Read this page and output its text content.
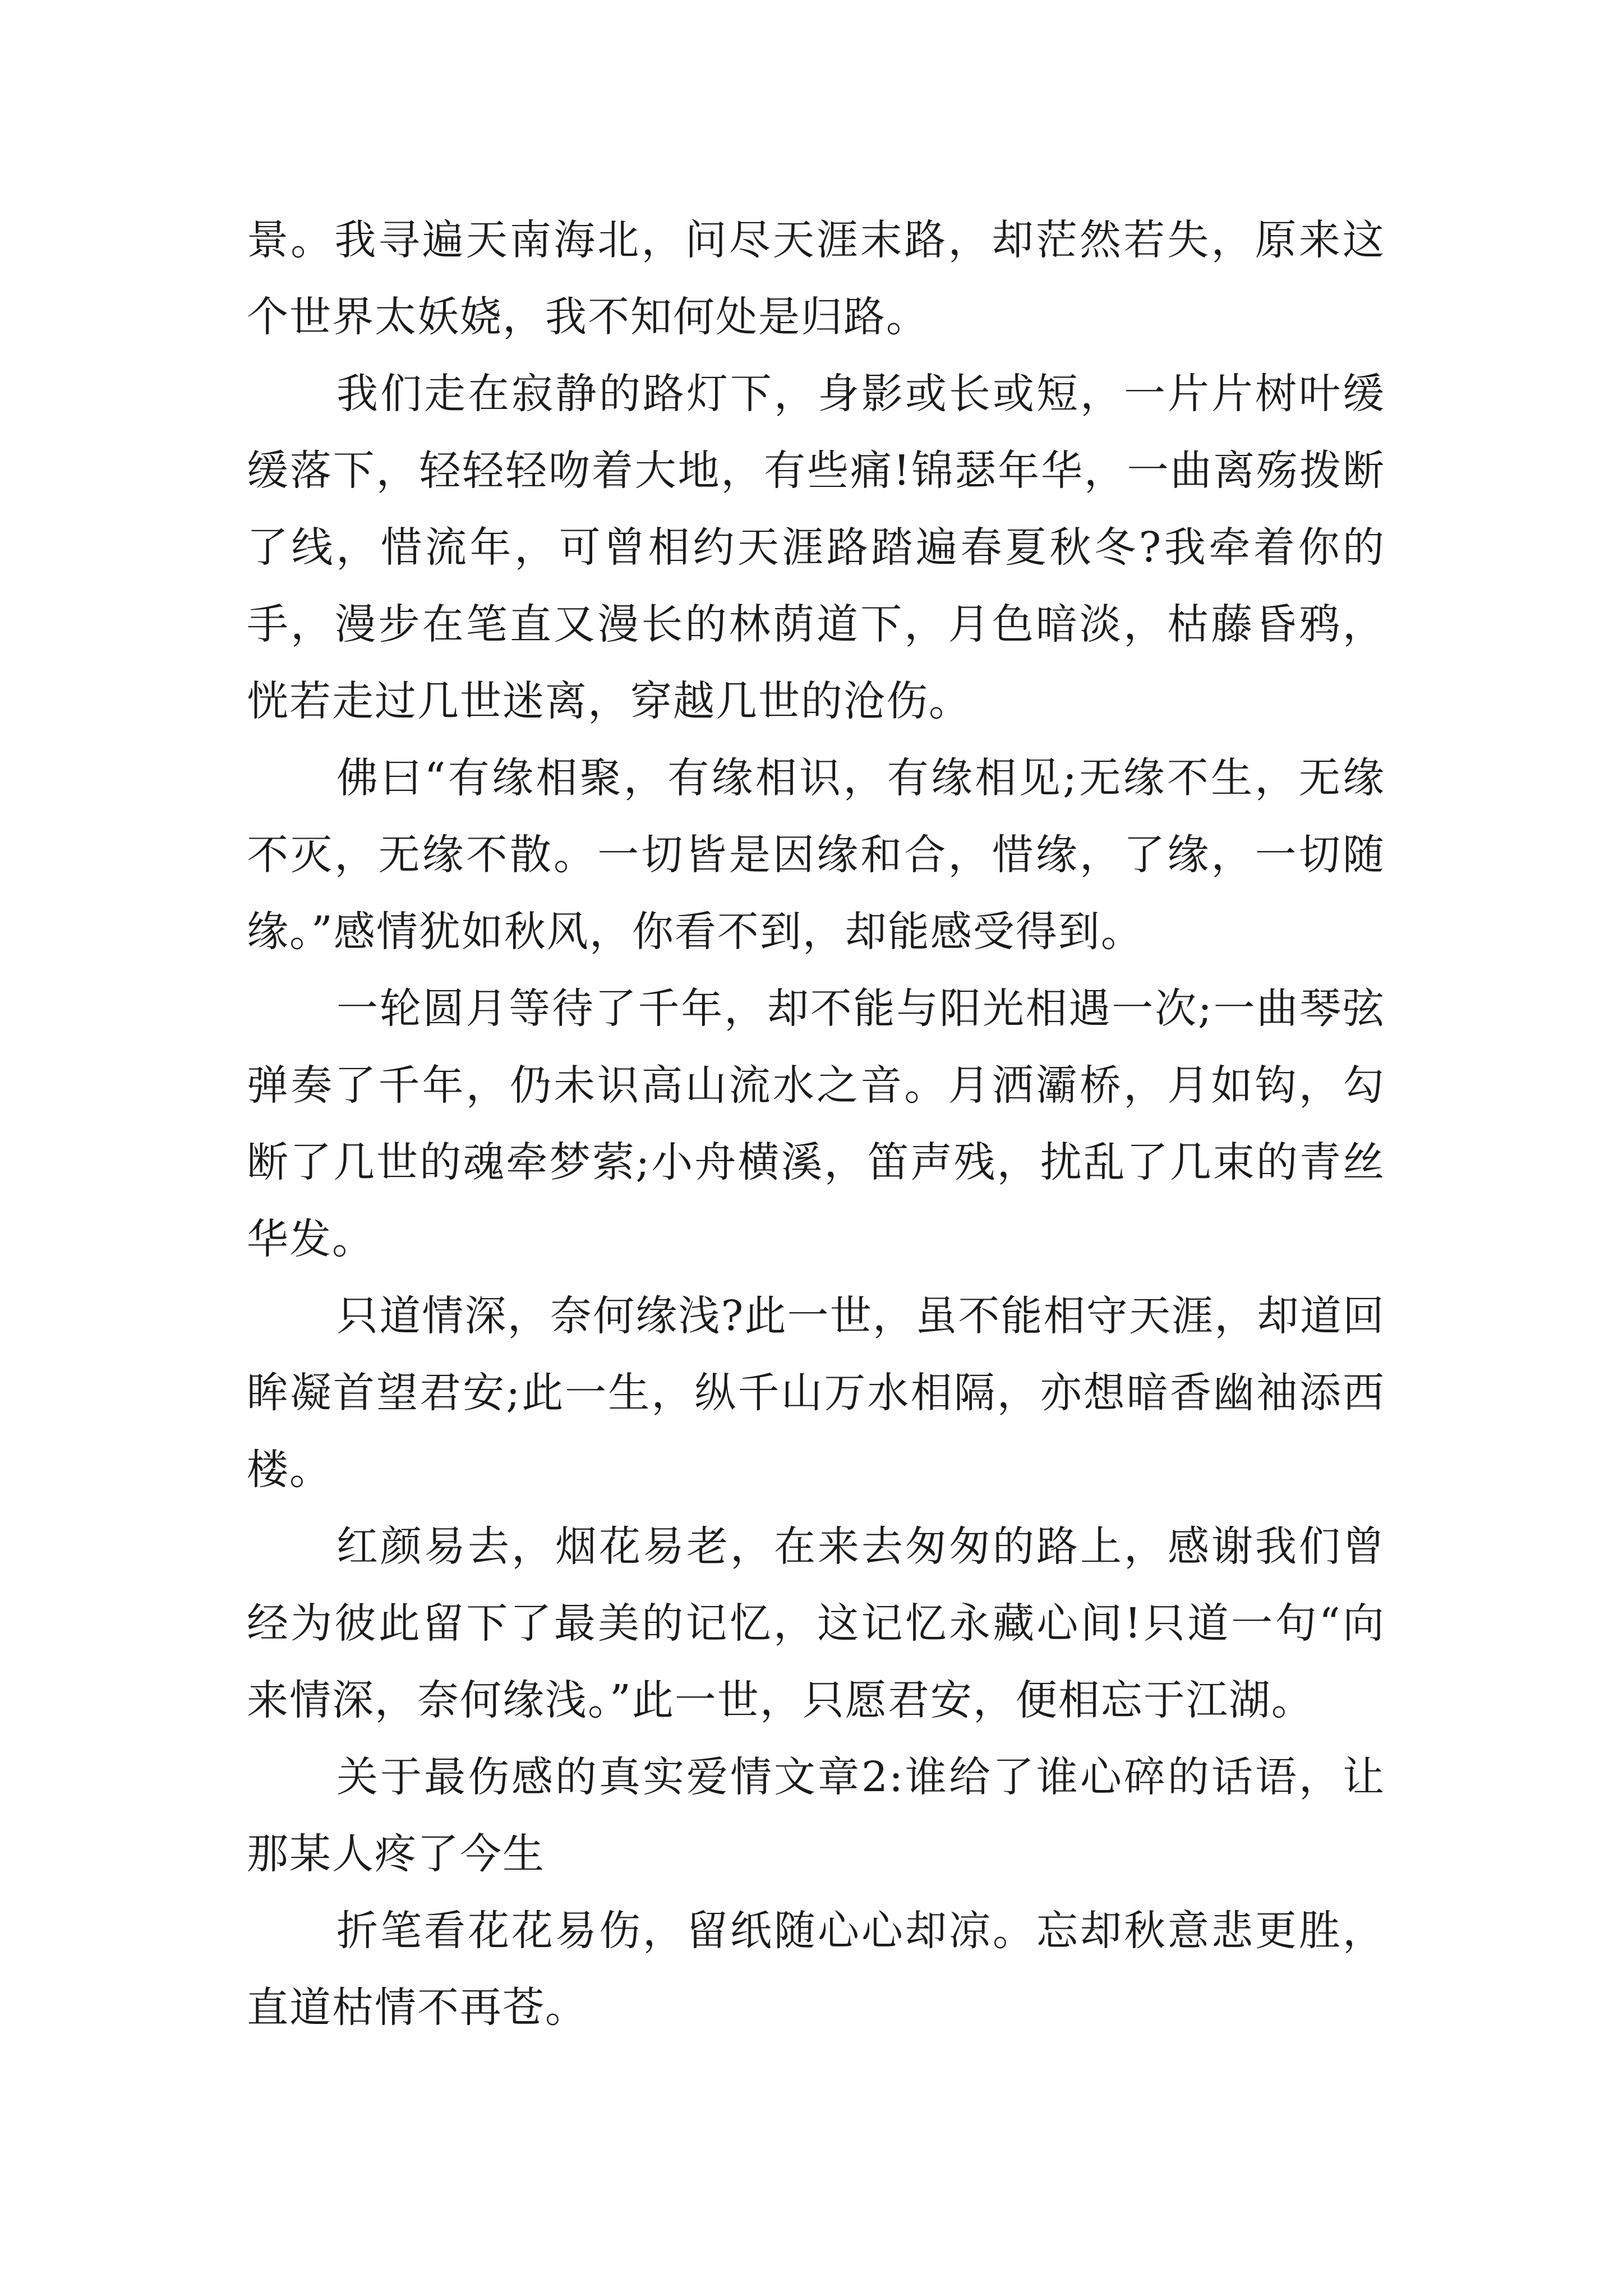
景。我寻遍天南海北，问尽天涯末路，却茫然若失，原来这个世界太妖娆，我不知何处是归路。

我们走在寂静的路灯下，身影或长或短，一片片树叶缓缓落下，轻轻轻吻着大地，有些痛!锦瑟年华，一曲离殇拨断了线，惜流年，可曾相约天涯路踏遍春夏秋冬?我牵着你的手，漫步在笔直又漫长的林荫道下，月色暗淡，枯藤昏鸦，恍若走过几世迷离，穿越几世的沧伤。

佛曰“有缘相聚，有缘相识，有缘相见;无缘不生，无缘不灭，无缘不散。一切皆是因缘和合，惜缘，了缘，一切随缘。”感情犹如秋风，你看不到，却能感受得到。

一轮圆月等待了千年，却不能与阳光相遇一次;一曲琴弦弹奏了千年，仍未识高山流水之音。月洒灞桥，月如钩，勾断了几世的魂牵梦萦;小舟横溪，笛声残，扰乱了几束的青丝华发。

只道情深，奈何缘浅?此一世，虽不能相守天涯，却道回眸凝首望君安;此一生，纵千山万水相隔，亦想暗香幽袖添西楼。

红颜易去，烟花易老，在来去匆匆的路上，感谢我们曾经为彼此留下了最美的记忆，这记忆永藏心间!只道一句“向来情深，奈何缘浅。”此一世，只愿君安，便相忘于江湖。

关于最伤感的真实爱情文章2:谁给了谁心碎的话语，让那某人疼了今生

折笔看花花易伤，留纸随心心却凉。忘却秋意悲更胜，直道枯情不再苍。
